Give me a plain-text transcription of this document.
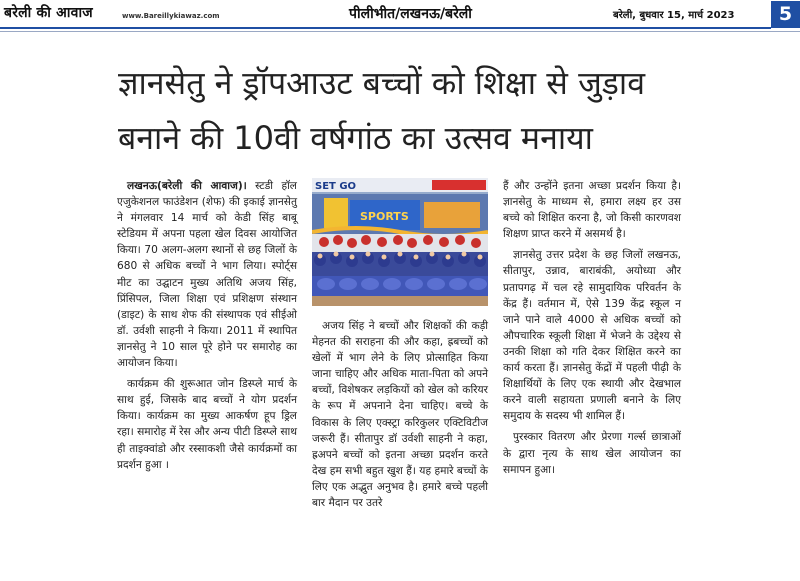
बरेली की आवाज	www.Bareillykiawaz.com	पीलीभीत/लखनऊ/बरेली	बरेली, बुधवार 15, मार्च 2023	5
ज्ञानसेतु ने ड्रॉपआउट बच्चों को शिक्षा से जुड़ाव
बनाने की 10वी वर्षगांठ का उत्सव मनाया

लखनऊ(बरेली की आवाज)। स्टडी हॉल एजुकेशनल फाउंडेशन (शेफ) की इकाई ज्ञानसेतु ने मंगलवार 14 मार्च को केडी सिंह बाबू स्टेडियम में अपना पहला खेल दिवस आयोजित किया। 70 अलग-अलग स्थानों से छह जिलों के 680 से अधिक बच्चों ने भाग लिया। स्पोर्ट्स मीट का उद्घाटन मुख्य अतिथि अजय सिंह, प्रिंसिपल, जिला शिक्षा एवं प्रशिक्षण संस्थान (डाइट) के साथ शेफ की संस्थापक एवं सीईओ डॉ. उर्वशी साहनी ने किया। 2011 में स्थापित ज्ञानसेतु ने 10 साल पूरे होने पर समारोह का आयोजन किया।

कार्यक्रम की शुरूआत जोन डिस्प्ले मार्च के साथ हुई, जिसके बाद बच्चों ने योग प्रदर्शन किया। कार्यक्रम का मुख्य आकर्षण हूप ड्रिल रहा। समारोह में रेस और अन्य पीटी डिस्प्ले साथ ही ताइक्वांडो और रस्साकशी जैसे कार्यक्रमों का प्रदर्शन हुआ ।

SET GO
SPORTS

अजय सिंह ने बच्चों और शिक्षकों की कड़ी मेहनत की सराहना की और कहा, ह्रबच्चों को खेलों में भाग लेने के लिए प्रोत्साहित किया जाना चाहिए और अधिक माता-पिता को अपने बच्चों, विशेषकर लड़कियों को खेल को करियर के रूप में अपनाने देना चाहिए। बच्चे के विकास के लिए एक्स्ट्रा करिकुलर एक्टिविटीज जरूरी हैं। सीतापुर डॉ उर्वशी साहनी ने कहा, ह्रअपने बच्चों को इतना अच्छा प्रदर्शन करते देख हम सभी बहुत खुश हैं। यह हमारे बच्चों के लिए एक अद्भुत अनुभव है। हमारे बच्चे पहली बार मैदान पर उतरे

हैं और उन्होंने इतना अच्छा प्रदर्शन किया है। ज्ञानसेतु के माध्यम से, हमारा लक्ष्य हर उस बच्चे को शिक्षित करना है, जो किसी कारणवश शिक्षण प्राप्त करने में असमर्थ है।

ज्ञानसेतु उत्तर प्रदेश के छह जिलों लखनऊ, सीतापुर, उन्नाव, बाराबंकी, अयोध्या और प्रतापगढ़ में चल रहे सामुदायिक परिवर्तन के केंद्र हैं। वर्तमान में, ऐसे 139 केंद्र स्कूल न जाने पाने वाले 4000 से अधिक बच्चों को औपचारिक स्कूली शिक्षा में भेजने के उद्देश्य से उनकी शिक्षा को गति देकर शिक्षित करने का कार्य करता हैं। ज्ञानसेतु केंद्रों में पहली पीढ़ी के शिक्षार्थियों के लिए एक स्थायी और देखभाल करने वाली सहायता प्रणाली बनाने के लिए समुदाय के सदस्य भी शामिल हैं।

पुरस्कार वितरण और प्रेरणा गर्ल्स छात्राओं के द्वारा नृत्य के साथ खेल आयोजन का समापन हुआ।
